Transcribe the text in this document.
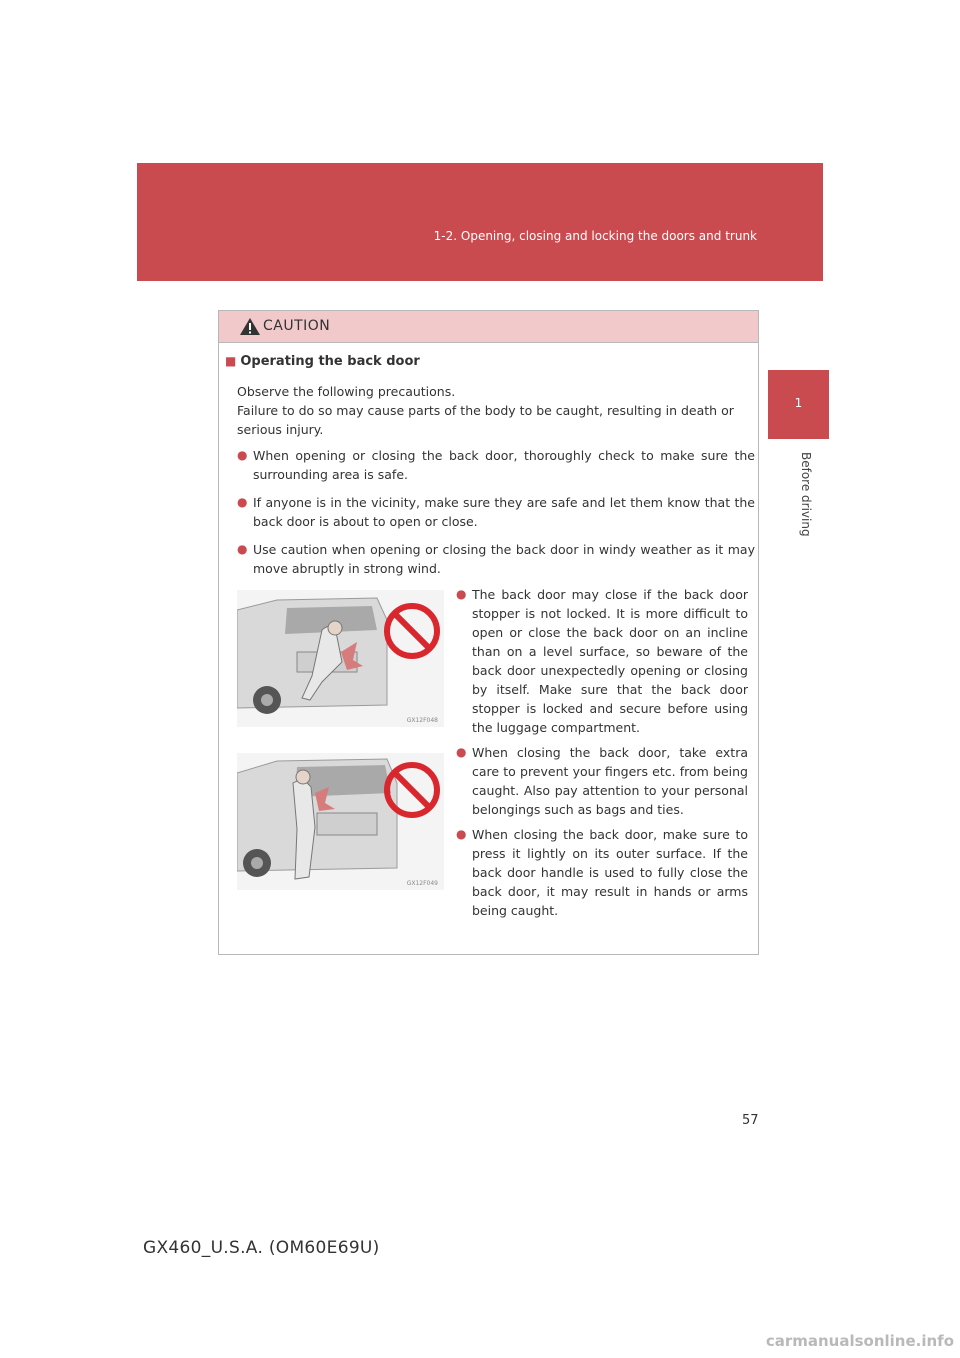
1-2. Opening, closing and locking the doors and trunk
1
Before driving
CAUTION
■ Operating the back door

Observe the following precautions.

Failure to do so may cause parts of the body to be caught, resulting in death or serious injury.

● When opening or closing the back door, thoroughly check to make sure the surrounding area is safe.
● If anyone is in the vicinity, make sure they are safe and let them know that the back door is about to open or close.
● Use caution when opening or closing the back door in windy weather as it may move abruptly in strong wind.
GX12F048
GX12F049
● The back door may close if the back door stopper is not locked. It is more difficult to open or close the back door on an incline than on a level surface, so beware of the back door unexpectedly opening or closing by itself. Make sure that the back door stopper is locked and secure before using the luggage compartment.
● When closing the back door, take extra care to prevent your fingers etc. from being caught. Also pay attention to your personal belongings such as bags and ties.
● When closing the back door, make sure to press it lightly on its outer surface. If the back door handle is used to fully close the back door, it may result in hands or arms being caught.
57
GX460_U.S.A. (OM60E69U)
carmanualsonline.info
